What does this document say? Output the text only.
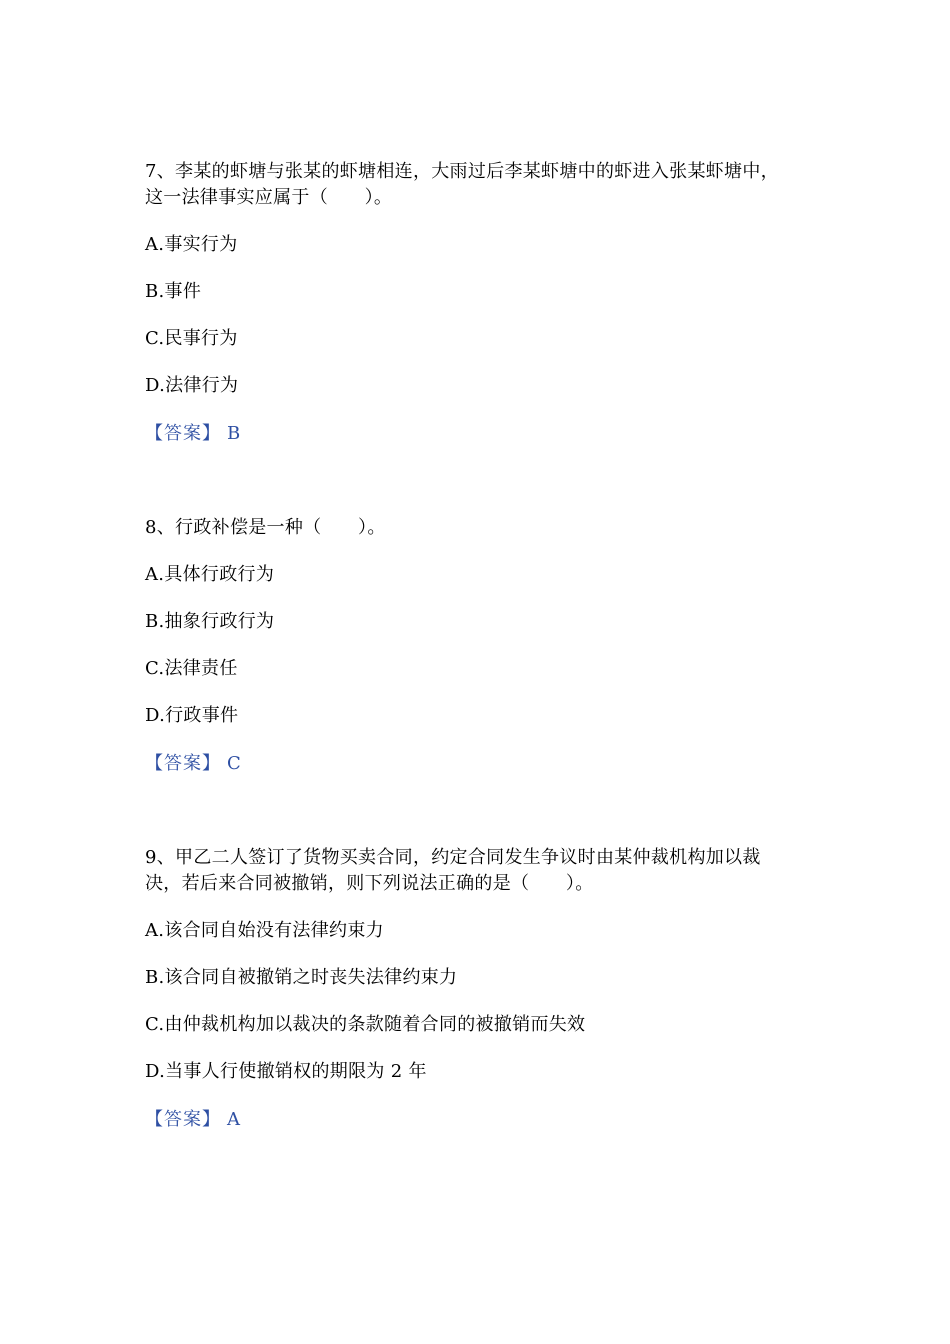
7、李某的虾塘与张某的虾塘相连，大雨过后李某虾塘中的虾进入张某虾塘中，
这一法律事实应属于（　　）。
A.事实行为
B.事件
C.民事行为
D.法律行为
【答案】 B
8、行政补偿是一种（　　）。
A.具体行政行为
B.抽象行政行为
C.法律责任
D.行政事件
【答案】 C
9、甲乙二人签订了货物买卖合同，约定合同发生争议时由某仲裁机构加以裁
决，若后来合同被撤销，则下列说法正确的是（　　）。
A.该合同自始没有法律约束力
B.该合同自被撤销之时丧失法律约束力
C.由仲裁机构加以裁决的条款随着合同的被撤销而失效
D.当事人行使撤销权的期限为 2 年
【答案】 A
